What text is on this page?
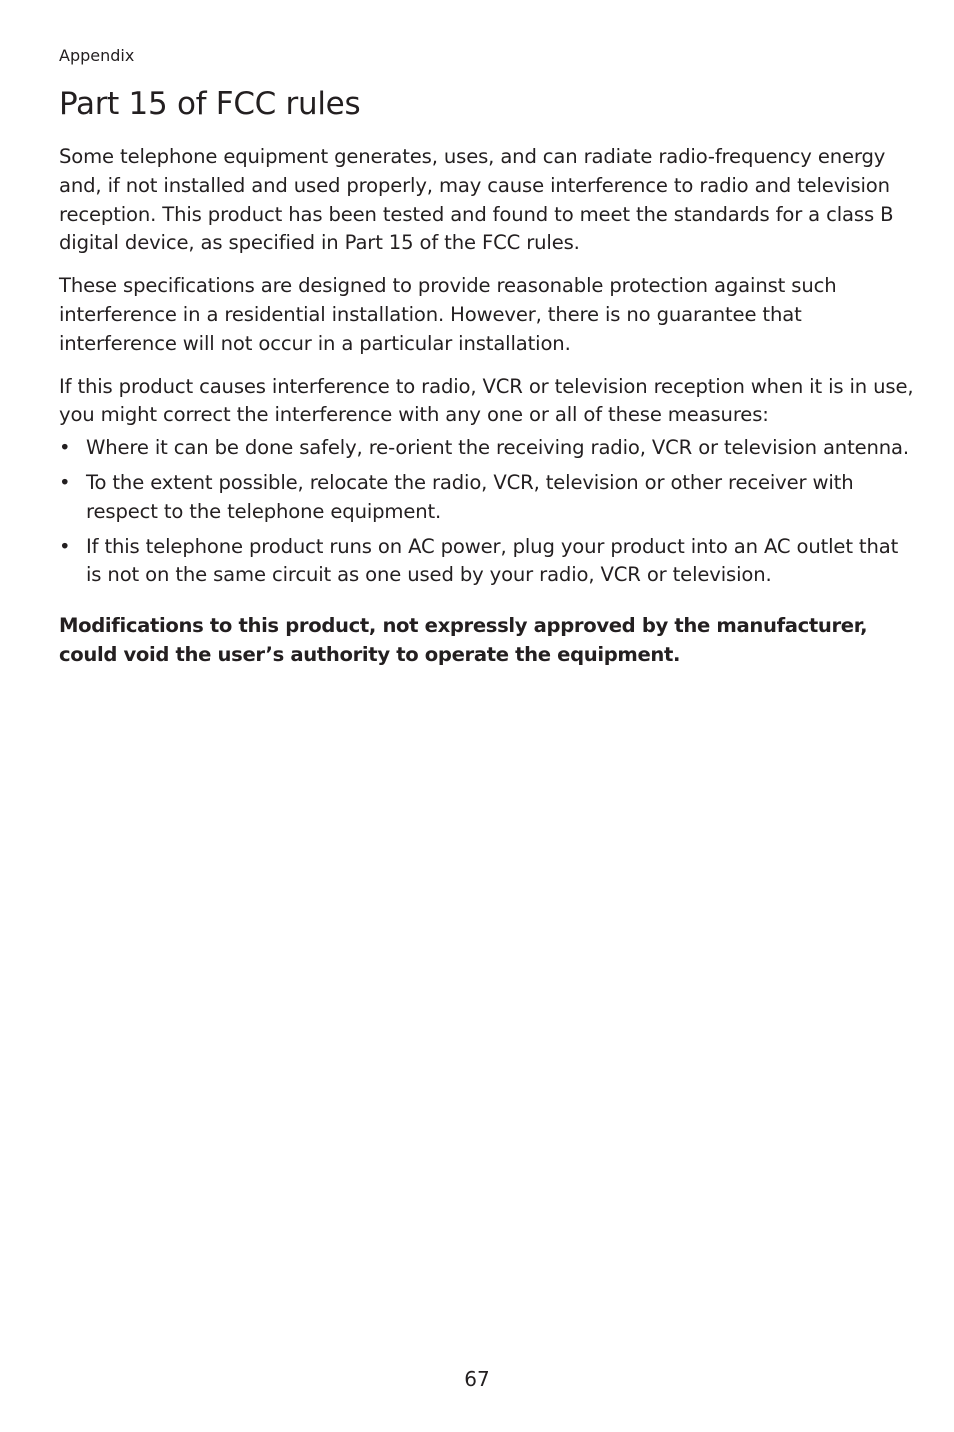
Appendix
Part 15 of FCC rules

Some telephone equipment generates, uses, and can radiate radio-frequency energy and, if not installed and used properly, may cause interference to radio and television reception. This product has been tested and found to meet the standards for a class B digital device, as specified in Part 15 of the FCC rules.

These specifications are designed to provide reasonable protection against such interference in a residential installation. However, there is no guarantee that interference will not occur in a particular installation.

If this product causes interference to radio, VCR or television reception when it is in use, you might correct the interference with any one or all of these measures:

• Where it can be done safely, re-orient the receiving radio, VCR or television antenna.
• To the extent possible, relocate the radio, VCR, television or other receiver with respect to the telephone equipment.
• If this telephone product runs on AC power, plug your product into an AC outlet that is not on the same circuit as one used by your radio, VCR or television.

Modifications to this product, not expressly approved by the manufacturer, could void the user’s authority to operate the equipment.

67
